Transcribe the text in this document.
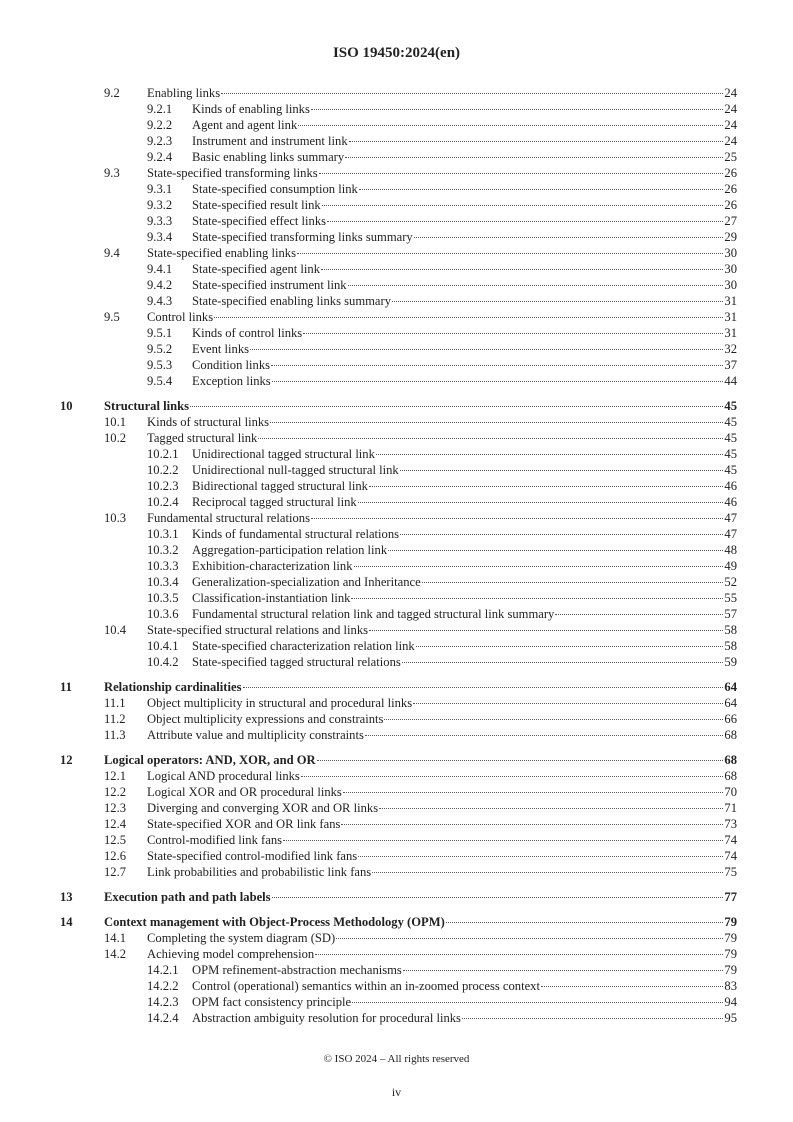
ISO 19450:2024(en)
9.2	Enabling links	24
9.2.1	Kinds of enabling links	24
9.2.2	Agent and agent link	24
9.2.3	Instrument and instrument link	24
9.2.4	Basic enabling links summary	25
9.3	State-specified transforming links	26
9.3.1	State-specified consumption link	26
9.3.2	State-specified result link	26
9.3.3	State-specified effect links	27
9.3.4	State-specified transforming links summary	29
9.4	State-specified enabling links	30
9.4.1	State-specified agent link	30
9.4.2	State-specified instrument link	30
9.4.3	State-specified enabling links summary	31
9.5	Control links	31
9.5.1	Kinds of control links	31
9.5.2	Event links	32
9.5.3	Condition links	37
9.5.4	Exception links	44
10	Structural links	45
10.1	Kinds of structural links	45
10.2	Tagged structural link	45
10.2.1	Unidirectional tagged structural link	45
10.2.2	Unidirectional null-tagged structural link	45
10.2.3	Bidirectional tagged structural link	46
10.2.4	Reciprocal tagged structural link	46
10.3	Fundamental structural relations	47
10.3.1	Kinds of fundamental structural relations	47
10.3.2	Aggregation-participation relation link	48
10.3.3	Exhibition-characterization link	49
10.3.4	Generalization-specialization and Inheritance	52
10.3.5	Classification-instantiation link	55
10.3.6	Fundamental structural relation link and tagged structural link summary	57
10.4	State-specified structural relations and links	58
10.4.1	State-specified characterization relation link	58
10.4.2	State-specified tagged structural relations	59
11	Relationship cardinalities	64
11.1	Object multiplicity in structural and procedural links	64
11.2	Object multiplicity expressions and constraints	66
11.3	Attribute value and multiplicity constraints	68
12	Logical operators: AND, XOR, and OR	68
12.1	Logical AND procedural links	68
12.2	Logical XOR and OR procedural links	70
12.3	Diverging and converging XOR and OR links	71
12.4	State-specified XOR and OR link fans	73
12.5	Control-modified link fans	74
12.6	State-specified control-modified link fans	74
12.7	Link probabilities and probabilistic link fans	75
13	Execution path and path labels	77
14	Context management with Object-Process Methodology (OPM)	79
14.1	Completing the system diagram (SD)	79
14.2	Achieving model comprehension	79
14.2.1	OPM refinement-abstraction mechanisms	79
14.2.2	Control (operational) semantics within an in-zoomed process context	83
14.2.3	OPM fact consistency principle	94
14.2.4	Abstraction ambiguity resolution for procedural links	95
© ISO 2024 – All rights reserved
iv
